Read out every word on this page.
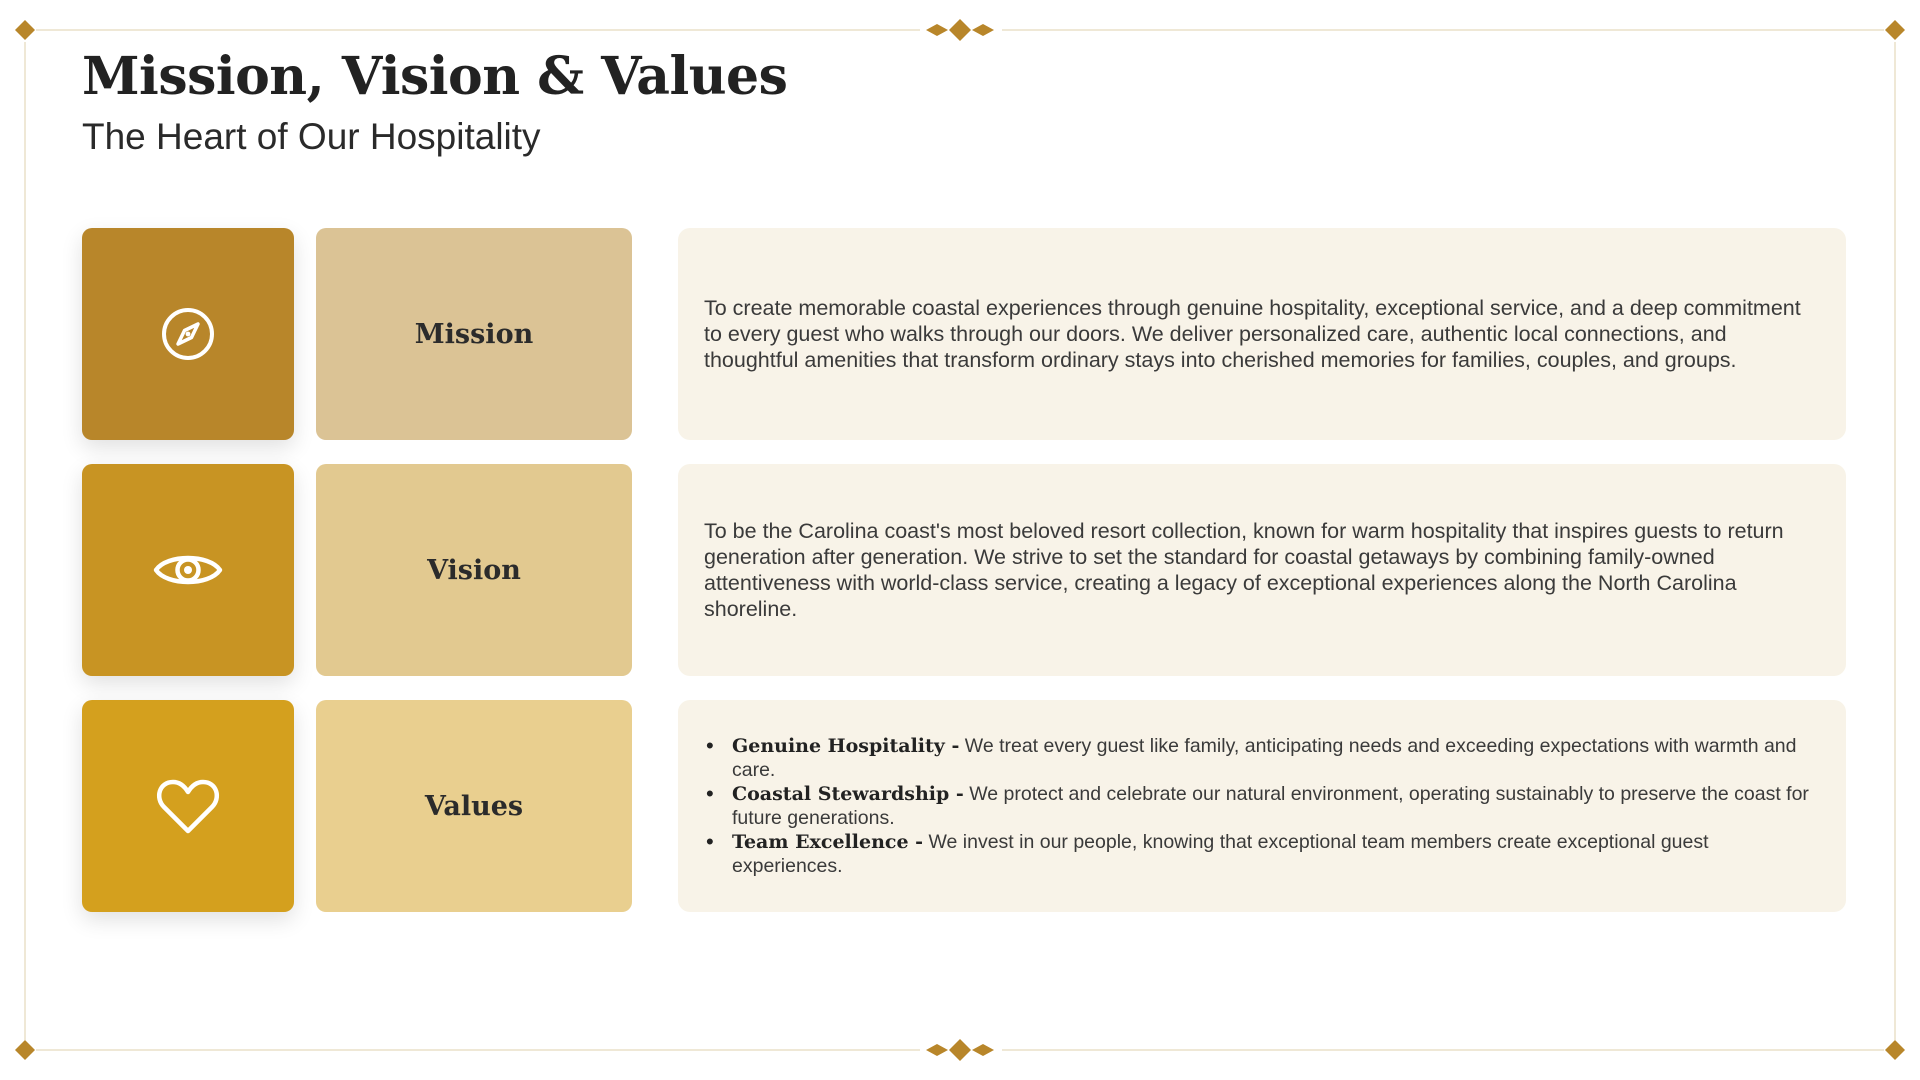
Mission, Vision & Values
The Heart of Our Hospitality
Mission

To create memorable coastal experiences through genuine hospitality, exceptional service, and a deep commitment to every guest who walks through our doors. We deliver personalized care, authentic local connections, and thoughtful amenities that transform ordinary stays into cherished memories for families, couples, and groups.

Vision

To be the Carolina coast's most beloved resort collection, known for warm hospitality that inspires guests to return generation after generation. We strive to set the standard for coastal getaways by combining family-owned attentiveness with world-class service, creating a legacy of exceptional experiences along the North Carolina shoreline.

Values
• Genuine Hospitality - We treat every guest like family, anticipating needs and exceeding expectations with warmth and care.
• Coastal Stewardship - We protect and celebrate our natural environment, operating sustainably to preserve the coast for future generations.
• Team Excellence - We invest in our people, knowing that exceptional team members create exceptional guest experiences.
